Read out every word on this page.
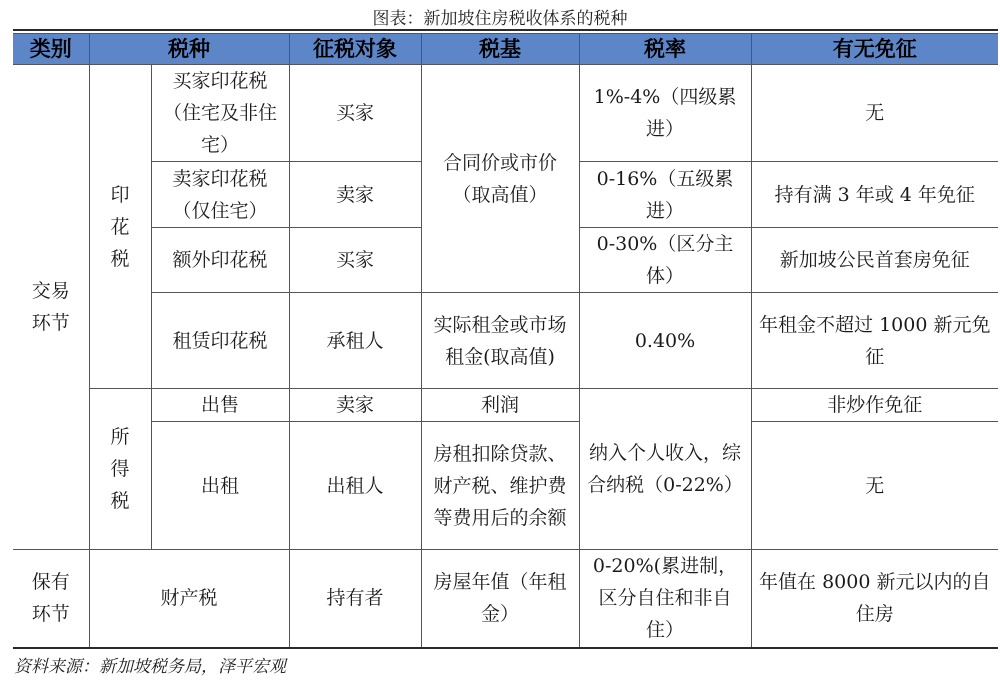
图表：新加坡住房税收体系的税种
类别	税种		征税对象	税基	税率	有无免征

交易环节	印花税	买家印花税（住宅及非住宅）	买家	合同价或市价（取高值）	1%-4%（四级累进）	无
		卖家印花税（仅住宅）	卖家		0-16%（五级累进）	持有满 3 年或 4 年免征
		额外印花税	买家		0-30%（区分主体）	新加坡公民首套房免征
		租赁印花税	承租人	实际租金或市场租金(取高值)	0.40%	年租金不超过 1000 新元免征

	所得税	出售	卖家	利润	纳入个人收入，综合纳税（0-22%）	非炒作免征
		出租	出租人	房租扣除贷款、财产税、维护费等费用后的余额		无

保有环节	财产税		持有者	房屋年值（年租金）	0-20%(累进制，区分自住和非自住）	年值在 8000 新元以内的自住房
资料来源：新加坡税务局，泽平宏观
